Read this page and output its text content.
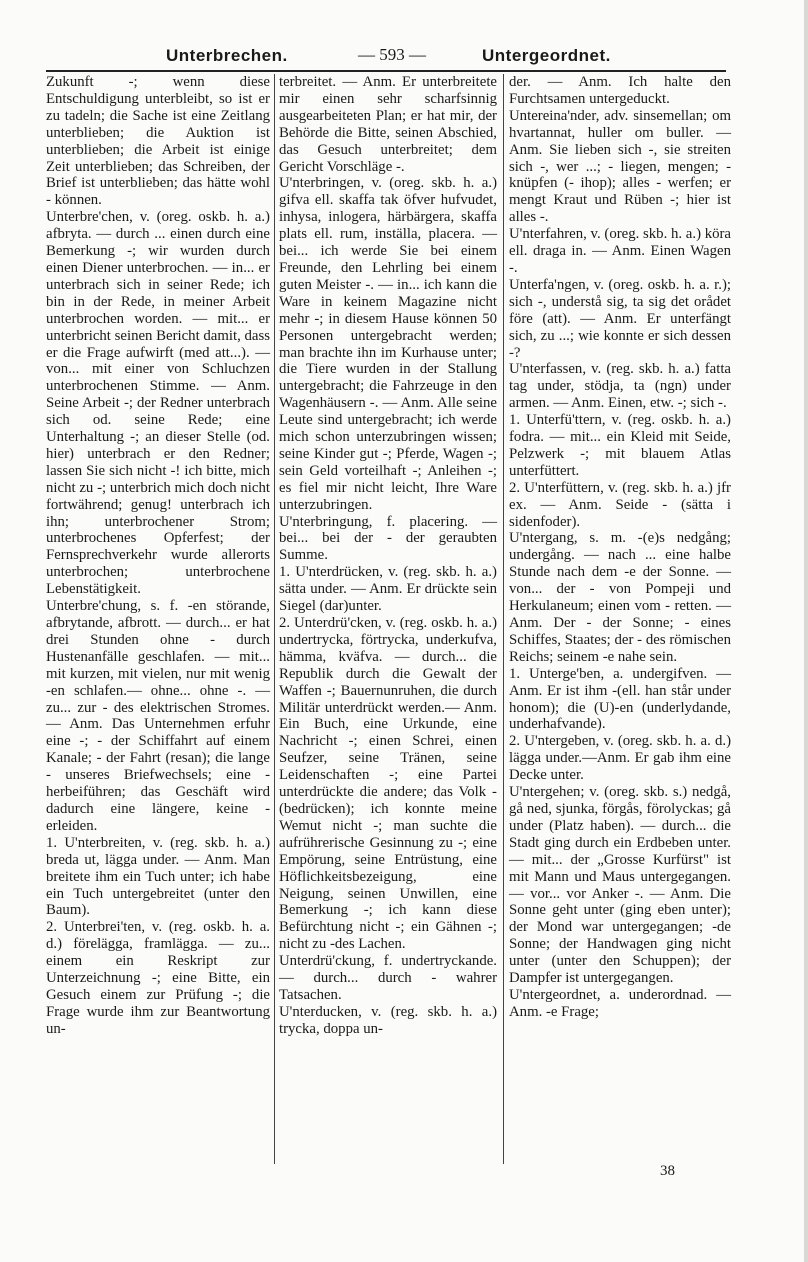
Unterbrechen.	— 593 —	Untergeordnet.
Zukunft -; wenn diese Entschuldigung unterbleibt, so ist er zu tadeln; die Sache ist eine Zeitlang unterblieben; die Auktion ist unterblieben; die Arbeit ist einige Zeit unterblieben; das Schreiben, der Brief ist unterblieben; das hätte wohl - können.
Unterbre'chen, v. (oreg. oskb. h. a.) afbryta. — durch ... einen durch eine Bemerkung -; wir wurden durch einen Diener unterbrochen. — in... er unterbrach sich in seiner Rede; ich bin in der Rede, in meiner Arbeit unterbrochen worden. — mit... er unterbricht seinen Bericht damit, dass er die Frage aufwirft (med att...). — von... mit einer von Schluchzen unterbrochenen Stimme. — Anm. Seine Arbeit -; der Redner unterbrach sich od. seine Rede; eine Unterhaltung -; an dieser Stelle (od. hier) unterbrach er den Redner; lassen Sie sich nicht -! ich bitte, mich nicht zu -; unterbrich mich doch nicht fortwährend; genug! unterbrach ich ihn; unterbrochener Strom; unterbrochenes Opferfest; der Fernsprechverkehr wurde allerorts unterbrochen; unterbrochene Lebenstätigkeit.
Unterbre'chung, s. f. -en störande, afbrytande, afbrott. — durch... er hat drei Stunden ohne - durch Hustenanfälle geschlafen. — mit... mit kurzen, mit vielen, nur mit wenig -en schlafen.— ohne... ohne -. — zu... zur - des elektrischen Stromes. — Anm. Das Unternehmen erfuhr eine -; - der Schiffahrt auf einem Kanale; - der Fahrt (resan); die lange - unseres Briefwechsels; eine - herbeiführen; das Geschäft wird dadurch eine längere, keine - erleiden.
1. U'nterbreiten, v. (reg. skb. h. a.) breda ut, lägga under. — Anm. Man breitete ihm ein Tuch unter; ich habe ein Tuch untergebreitet (unter den Baum).
2. Unterbrei'ten, v. (reg. oskb. h. a. d.) förelägga, framlägga. — zu... einem ein Reskript zur Unterzeichnung -; eine Bitte, ein Gesuch einem zur Prüfung -; die Frage wurde ihm zur Beantwortung un-
terbreitet. — Anm. Er unterbreitete mir einen sehr scharfsinnig ausgearbeiteten Plan; er hat mir, der Behörde die Bitte, seinen Abschied, das Gesuch unterbreitet; dem Gericht Vorschläge -.
U'nterbringen, v. (oreg. skb. h. a.) gifva ell. skaffa tak öfver hufvudet, inhysa, inlogera, härbärgera, skaffa plats ell. rum, inställa, placera. — bei... ich werde Sie bei einem Freunde, den Lehrling bei einem guten Meister -. — in... ich kann die Ware in keinem Magazine nicht mehr -; in diesem Hause können 50 Personen untergebracht werden; man brachte ihn im Kurhause unter; die Tiere wurden in der Stallung untergebracht; die Fahrzeuge in den Wagenhäusern -. — Anm. Alle seine Leute sind untergebracht; ich werde mich schon unterzubringen wissen; seine Kinder gut -; Pferde, Wagen -; sein Geld vorteilhaft -; Anleihen -; es fiel mir nicht leicht, Ihre Ware unterzubringen.
U'nterbringung, f. placering. — bei... bei der - der geraubten Summe.
1. U'nterdrücken, v. (reg. skb. h. a.) sätta under. — Anm. Er drückte sein Siegel (dar)unter.
2. Unterdrü'cken, v. (reg. oskb. h. a.) undertrycka, förtrycka, underkufva, hämma, kväfva. — durch... die Republik durch die Gewalt der Waffen -; Bauernunruhen, die durch Militär unterdrückt werden.— Anm. Ein Buch, eine Urkunde, eine Nachricht -; einen Schrei, einen Seufzer, seine Tränen, seine Leidenschaften -; eine Partei unterdrückte die andere; das Volk - (bedrücken); ich konnte meine Wemut nicht -; man suchte die aufrührerische Gesinnung zu -; eine Empörung, seine Entrüstung, eine Höflichkeitsbezeigung, eine Neigung, seinen Unwillen, eine Bemerkung -; ich kann diese Befürchtung nicht -; ein Gähnen -; nicht zu -des Lachen.
Unterdrü'ckung, f. undertryckande. — durch... durch - wahrer Tatsachen.
U'nterducken, v. (reg. skb. h. a.) trycka, doppa un-
der. — Anm. Ich halte den Furchtsamen untergeduckt.
Untereina'nder, adv. sinsemellan; om hvartannat, huller om buller. — Anm. Sie lieben sich -, sie streiten sich -, wer ...; - liegen, mengen; - knüpfen (- ihop); alles - werfen; er mengt Kraut und Rüben -; hier ist alles -.
U'nterfahren, v. (oreg. skb. h. a.) köra ell. draga in. — Anm. Einen Wagen -.
Unterfa'ngen, v. (oreg. oskb. h. a. r.); sich -, understå sig, ta sig det orådet före (att). — Anm. Er unterfängt sich, zu ...; wie konnte er sich dessen -?
U'nterfassen, v. (reg. skb. h. a.) fatta tag under, stödja, ta (ngn) under armen. — Anm. Einen, etw. -; sich -.
1. Unterfü'ttern, v. (reg. oskb. h. a.) fodra. — mit... ein Kleid mit Seide, Pelzwerk -; mit blauem Atlas unterfüttert.
2. U'nterfüttern, v. (reg. skb. h. a.) jfr ex. — Anm. Seide - (sätta i sidenfoder).
U'ntergang, s. m. -(e)s nedgång; undergång. — nach ... eine halbe Stunde nach dem -e der Sonne. — von... der - von Pompeji und Herkulaneum; einen vom - retten. — Anm. Der - der Sonne; - eines Schiffes, Staates; der - des römischen Reichs; seinem -e nahe sein.
1. Unterge'ben, a. undergifven. — Anm. Er ist ihm -(ell. han står under honom); die (U)-en (underlydande, underhafvande).
2. U'ntergeben, v. (oreg. skb. h. a. d.) lägga under.—Anm. Er gab ihm eine Decke unter.
U'ntergehen; v. (oreg. skb. s.) nedgå, gå ned, sjunka, förgås, förolyckas; gå under (Platz haben). — durch... die Stadt ging durch ein Erdbeben unter. — mit... der „Grosse Kurfürst" ist mit Mann und Maus untergegangen. — vor... vor Anker -. — Anm. Die Sonne geht unter (ging eben unter); der Mond war untergegangen; -de Sonne; der Handwagen ging nicht unter (unter den Schuppen); der Dampfer ist untergegangen.
U'ntergeordnet, a. underordnad. — Anm. -e Frage;
38
